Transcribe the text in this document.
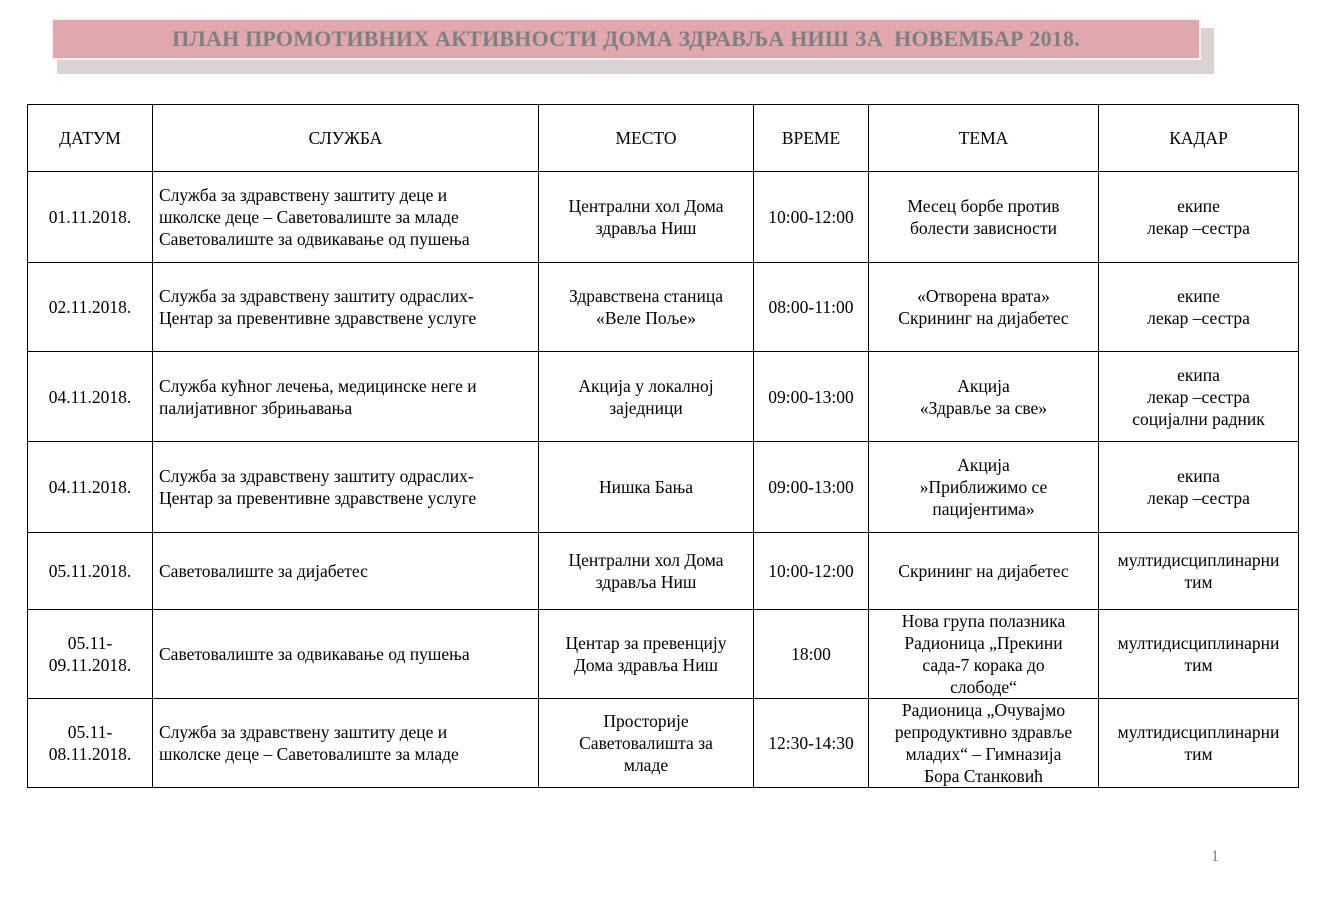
ПЛАН ПРОМОТИВНИХ АКТИВНОСТИ ДОМА ЗДРАВЉА НИШ ЗА  НОВЕМБАР 2018.
ДАТУМ	СЛУЖБА	МЕСТО	ВРЕМЕ	ТЕМА	КАДАР
01.11.2018.	Служба за здравствену заштиту деце и
школске деце – Саветовалиште за младе
Саветовалиште за одвикавање од пушења	Централни хол Дома
здравља Ниш	10:00-12:00	Месец борбе против
болести зависности	екипе
лекар –сестра
02.11.2018.	Служба за здравствену заштиту одраслих-
Центар за превентивне здравствене услуге	Здравствена станица
«Веле Поље»	08:00-11:00	«Отворена врата»
Скрининг на дијабетес	екипе
лекар –сестра
04.11.2018.	Служба кућног лечења, медицинске неге и
палијативног збрињавања	Акција у локалној
заједници	09:00-13:00	Акција
«Здравље за све»	екипа
лекар –сестра
социјални радник
04.11.2018.	Служба за здравствену заштиту одраслих-
Центар за превентивне здравствене услуге	Нишка Бања	09:00-13:00	Акција
»Приближимо се
пацијентима»	екипа
лекар –сестра
05.11.2018.	Саветовалиште за дијабетес	Централни хол Дома
здравља Ниш	10:00-12:00	Скрининг на дијабетес	мултидисциплинарни
тим
05.11-
09.11.2018.	Саветовалиште за одвикавање од пушења	Центар за превенцију
Дома здравља Ниш	18:00	Нова група полазника
Радионица „Прекини
сада-7 корака до
слободе“	мултидисциплинарни
тим
05.11-
08.11.2018.	Служба за здравствену заштиту деце и
школске деце – Саветовалиште за младе	Просторије
Саветовалишта за
младе	12:30-14:30	Радионица „Очувајмо
репродуктивно здравље
младих“ – Гимназија
Бора Станковић	мултидисциплинарни
тим
1
